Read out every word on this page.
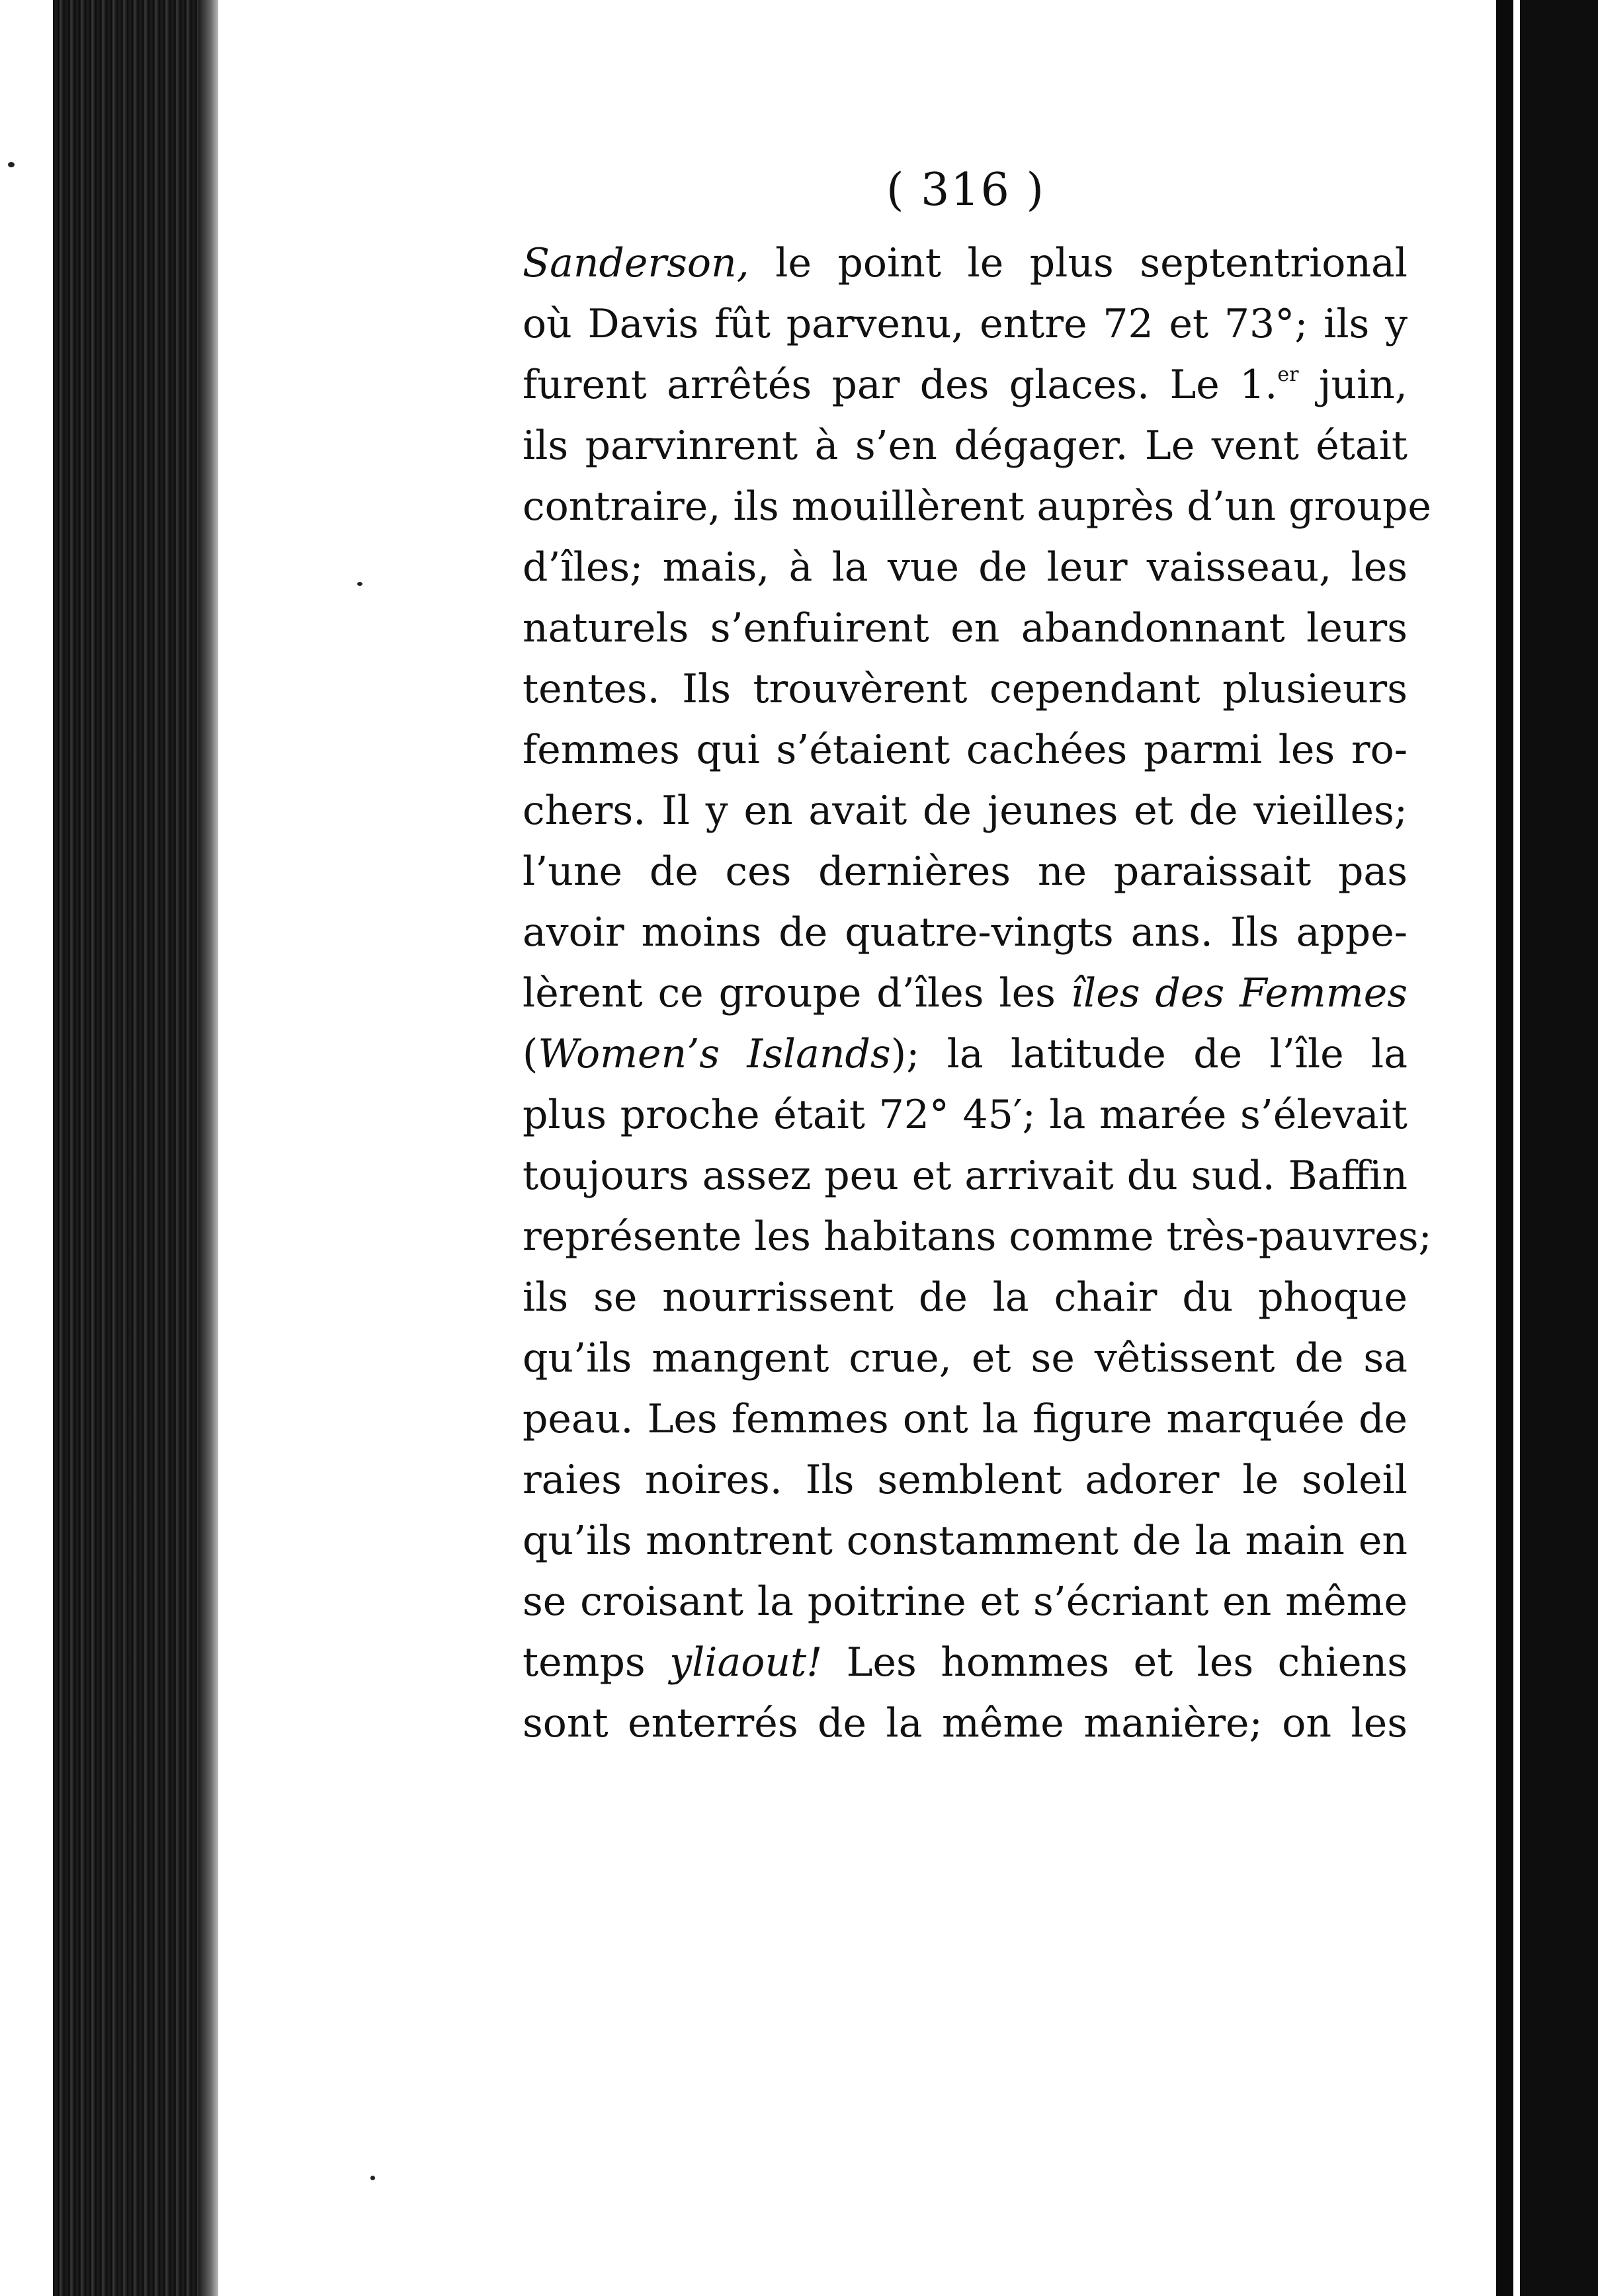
( 316 )
Sanderson, le point le plus septentrional
où Davis fût parvenu, entre 72 et 73°; ils y
furent arrêtés par des glaces. Le 1.$^{er}$ juin,
ils parvinrent à s’en dégager. Le vent était
contraire, ils mouillèrent auprès d’un groupe
d’îles; mais, à la vue de leur vaisseau, les
naturels s’enfuirent en abandonnant leurs
tentes. Ils trouvèrent cependant plusieurs
femmes qui s’étaient cachées parmi les ro-
chers. Il y en avait de jeunes et de vieilles;
l’une de ces dernières ne paraissait pas
avoir moins de quatre-vingts ans. Ils appe-
lèrent ce groupe d’îles les îles des Femmes
(Women’s Islands); la latitude de l’île la
plus proche était 72° 45′; la marée s’élevait
toujours assez peu et arrivait du sud. Baffin
représente les habitans comme très-pauvres;
ils se nourrissent de la chair du phoque
qu’ils mangent crue, et se vêtissent de sa
peau. Les femmes ont la figure marquée de
raies noires. Ils semblent adorer le soleil
qu’ils montrent constamment de la main en
se croisant la poitrine et s’écriant en même
temps yliaout! Les hommes et les chiens
sont enterrés de la même manière; on les
